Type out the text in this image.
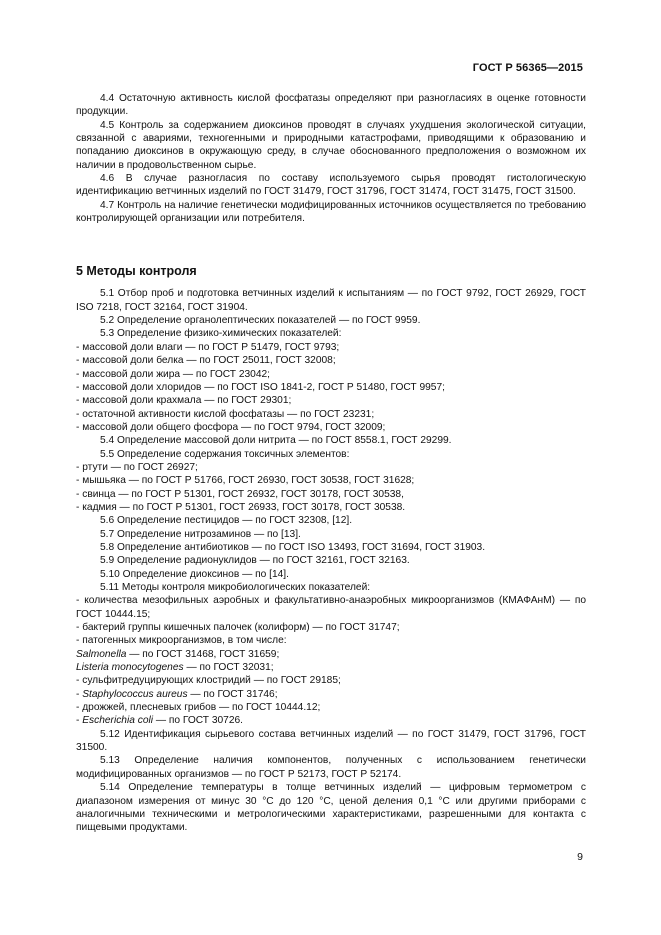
ГОСТ Р 56365—2015

4.4 Остаточную активность кислой фосфатазы определяют при разногласиях в оценке готовности продукции.

4.5 Контроль за содержанием диоксинов проводят в случаях ухудшения экологической ситуации, связанной с авариями, техногенными и природными катастрофами, приводящими к образованию и попаданию диоксинов в окружающую среду, в случае обоснованного предположения о возможном их наличии в продовольственном сырье.

4.6 В случае разногласия по составу используемого сырья проводят гистологическую идентификацию ветчинных изделий по ГОСТ 31479, ГОСТ 31796, ГОСТ 31474, ГОСТ 31475, ГОСТ 31500.

4.7 Контроль на наличие генетически модифицированных источников осуществляется по требованию контролирующей организации или потребителя.

5 Методы контроля

5.1 Отбор проб и подготовка ветчинных изделий к испытаниям — по ГОСТ 9792, ГОСТ 26929, ГОСТ ISO 7218, ГОСТ 32164, ГОСТ 31904.

5.2 Определение органолептических показателей — по ГОСТ 9959.

5.3 Определение физико-химических показателей:

- массовой доли влаги — по ГОСТ Р 51479, ГОСТ 9793;

- массовой доли белка — по ГОСТ 25011, ГОСТ 32008;

- массовой доли жира — по ГОСТ 23042;

- массовой доли хлоридов — по ГОСТ ISO 1841-2, ГОСТ Р 51480, ГОСТ 9957;

- массовой доли крахмала — по ГОСТ 29301;

- остаточной активности кислой фосфатазы — по ГОСТ 23231;

- массовой доли общего фосфора — по ГОСТ 9794, ГОСТ 32009;

5.4 Определение массовой доли нитрита — по ГОСТ 8558.1, ГОСТ 29299.

5.5 Определение содержания токсичных элементов:

- ртути — по ГОСТ 26927;

- мышьяка — по ГОСТ Р 51766, ГОСТ 26930, ГОСТ 30538, ГОСТ 31628;

- свинца — по ГОСТ Р 51301, ГОСТ 26932, ГОСТ 30178, ГОСТ 30538,

- кадмия — по ГОСТ Р 51301, ГОСТ 26933, ГОСТ 30178, ГОСТ 30538.

5.6 Определение пестицидов — по ГОСТ 32308, [12].

5.7 Определение нитрозаминов — по [13].

5.8 Определение антибиотиков — по ГОСТ ISO 13493, ГОСТ 31694, ГОСТ 31903.

5.9 Определение радионуклидов — по ГОСТ 32161, ГОСТ 32163.

5.10 Определение диоксинов — по [14].

5.11 Методы контроля микробиологических показателей:

- количества мезофильных аэробных и факультативно-анаэробных микроорганизмов (КМАФАнМ) — по ГОСТ 10444.15;

- бактерий группы кишечных палочек (колиформ) — по ГОСТ 31747;

- патогенных микроорганизмов, в том числе:

Salmonella — по ГОСТ 31468, ГОСТ 31659;

Listeria monocytogenes — по ГОСТ 32031;

- сульфитредуцирующих клостридий — по ГОСТ 29185;

- Staphylococcus aureus — по ГОСТ 31746;

- дрожжей, плесневых грибов — по ГОСТ 10444.12;

- Escherichia coli — по ГОСТ 30726.

5.12 Идентификация сырьевого состава ветчинных изделий — по ГОСТ 31479, ГОСТ 31796, ГОСТ 31500.

5.13 Определение наличия компонентов, полученных с использованием генетически модифицированных организмов — по ГОСТ Р 52173, ГОСТ Р 52174.

5.14 Определение температуры в толще ветчинных изделий — цифровым термометром с диапазоном измерения от минус 30 °С до 120 °С, ценой деления 0,1 °С или другими приборами с аналогичными техническими и метрологическими характеристиками, разрешенными для контакта с пищевыми продуктами.

9
